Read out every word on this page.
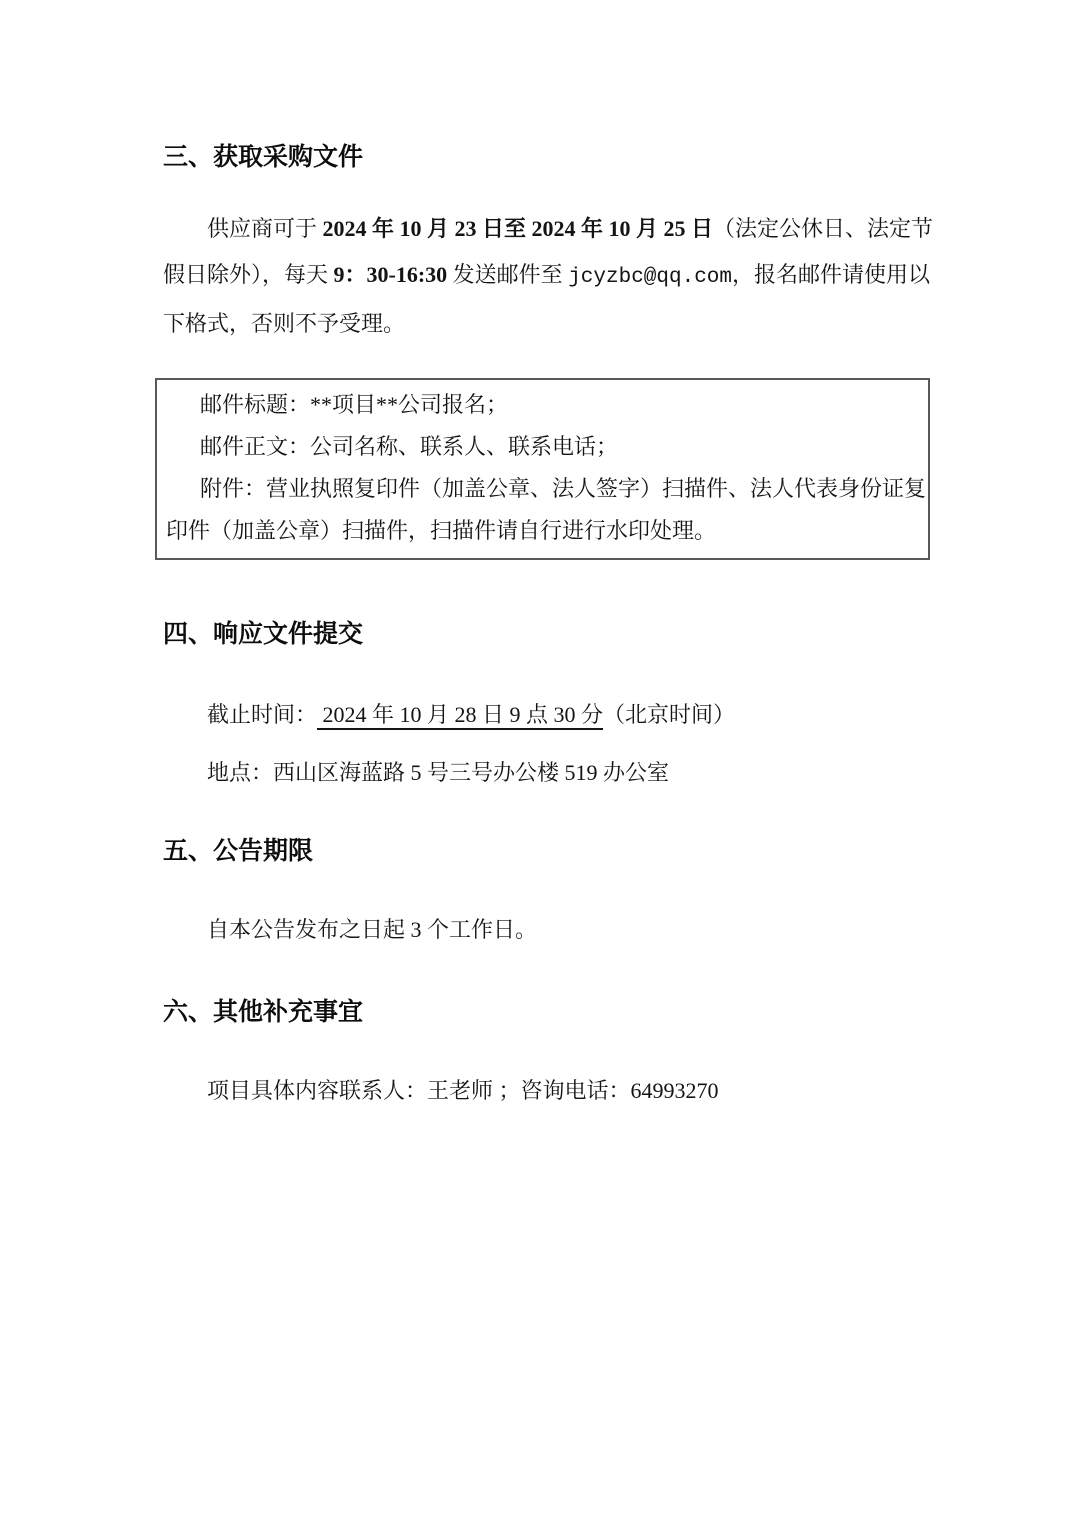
三、获取采购文件
供应商可于 2024 年 10 月 23 日至 2024 年 10 月 25 日（法定公休日、法定节
假日除外），每天 9：30-16:30 发送邮件至 jcyzbc@qq.com，报名邮件请使用以
下格式，否则不予受理。
邮件标题：**项目**公司报名；
邮件正文：公司名称、联系人、联系电话；
附件：营业执照复印件（加盖公章、法人签字）扫描件、法人代表身份证复
印件（加盖公章）扫描件，扫描件请自行进行水印处理。
四、响应文件提交
截止时间： 2024 年 10 月 28 日 9 点 30 分（北京时间）
地点：西山区海蓝路 5 号三号办公楼 519 办公室
五、公告期限
自本公告发布之日起 3 个工作日。
六、其他补充事宜
项目具体内容联系人：王老师 ；咨询电话：64993270
